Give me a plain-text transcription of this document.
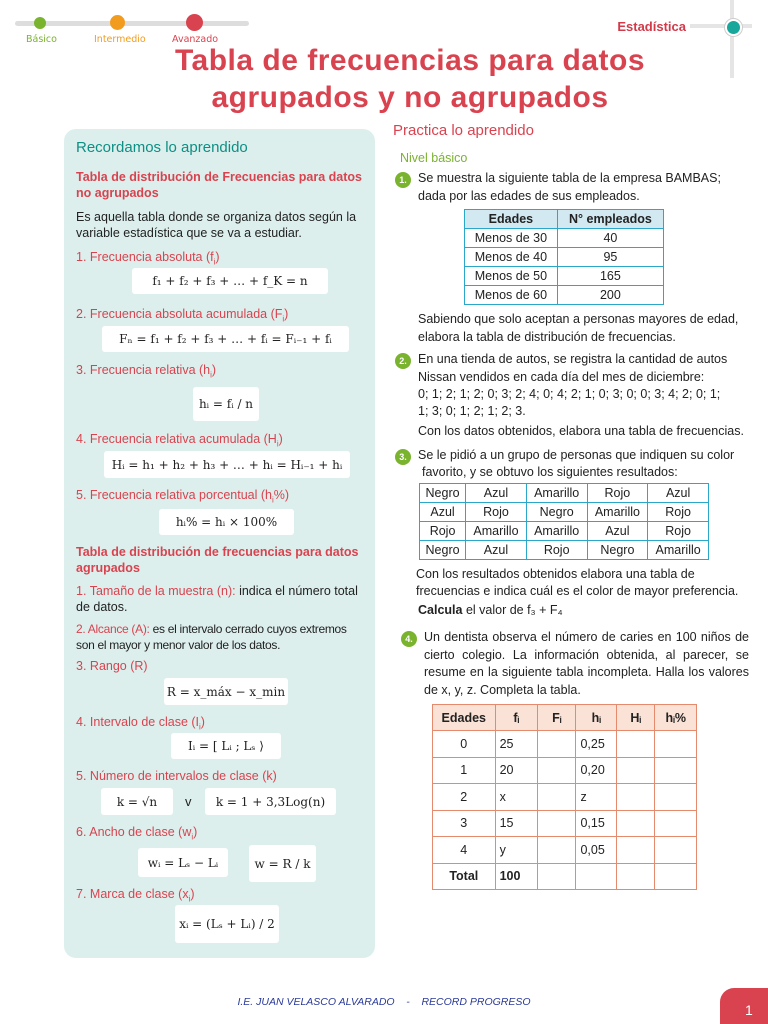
Básico	Intermedio	Avanzado
Estadística
Tabla de frecuencias para datos
agrupados y no agrupados
Recordamos lo aprendido
Tabla de distribución de Frecuencias para datos no agrupados
Es aquella tabla donde se organiza datos según la variable estadística que se va a estudiar.
1. Frecuencia absoluta $(f_i)$
f₁ + f₂ + f₃ + … + f_K = n
2. Frecuencia absoluta acumulada $(F_i)$
Fₙ = f₁ + f₂ + f₃ + … + fᵢ = Fᵢ₋₁ + fᵢ
3. Frecuencia relativa $(h_i)$
hᵢ = fᵢ / n
4. Frecuencia relativa acumulada $(H_i)$
Hᵢ = h₁ + h₂ + h₃ + … + hᵢ = Hᵢ₋₁ + hᵢ
5. Frecuencia relativa porcentual $(h_i\%)$
hᵢ% = hᵢ × 100%
Tabla de distribución de frecuencias para datos agrupados
1. Tamaño de la muestra (n): indica el número total de datos.
2. Alcance (A): es el intervalo cerrado cuyos extremos son el mayor y menor valor de los datos.
3. Rango (R)
R = x_máx − x_min
4. Intervalo de clase $(I_i)$
Iᵢ = [ Lᵢ ; Lₛ ⟩
5. Número de intervalos de clase (k)
k = √n	v	k = 1 + 3,3Log(n)
6. Ancho de clase $(w_i)$
wᵢ = Lₛ − Lᵢ	w = R / k
7. Marca de clase $(x_i)$
xᵢ = (Lₛ + Lᵢ) / 2
Practica lo aprendido
Nivel básico
1. Se muestra la siguiente tabla de la empresa BAMBAS; dada por las edades de sus empleados.
Edades	N° empleados
Menos de 30	40
Menos de 40	95
Menos de 50	165
Menos de 60	200
Sabiendo que solo aceptan a personas mayores de edad, elabora la tabla de distribución de frecuencias.
2. En una tienda de autos, se registra la cantidad de autos Nissan vendidos en cada día del mes de diciembre:
0; 1; 2; 1; 2; 0; 3; 2; 4; 0; 4; 2; 1; 0; 3; 0; 0; 3; 4; 2; 0; 1;
1; 3; 0; 1; 2; 1; 2; 3.
Con los datos obtenidos, elabora una tabla de frecuencias.
3. Se le pidió a un grupo de personas que indiquen su color
favorito, y se obtuvo los siguientes resultados:
Negro	Azul	Amarillo	Rojo	Azul
Azul	Rojo	Negro	Amarillo	Rojo
Rojo	Amarillo	Amarillo	Azul	Rojo
Negro	Azul	Rojo	Negro	Amarillo
Con los resultados obtenidos elabora una tabla de
frecuencias e indica cuál es el color de mayor preferencia.
Calcula el valor de f₃ + F₄
4. Un dentista observa el número de caries en 100 niños de cierto colegio. La información obtenida, al parecer, se resume en la siguiente tabla incompleta. Halla los valores de x, y, z. Completa la tabla.
Edades	fᵢ	Fᵢ	hᵢ	Hᵢ	hᵢ%
0	25		0,25		
1	20		0,20		
2	x		z		
3	15		0,15		
4	y		0,05		
Total	100				
I.E. JUAN VELASCO ALVARADO - RECORD PROGRESO	1
